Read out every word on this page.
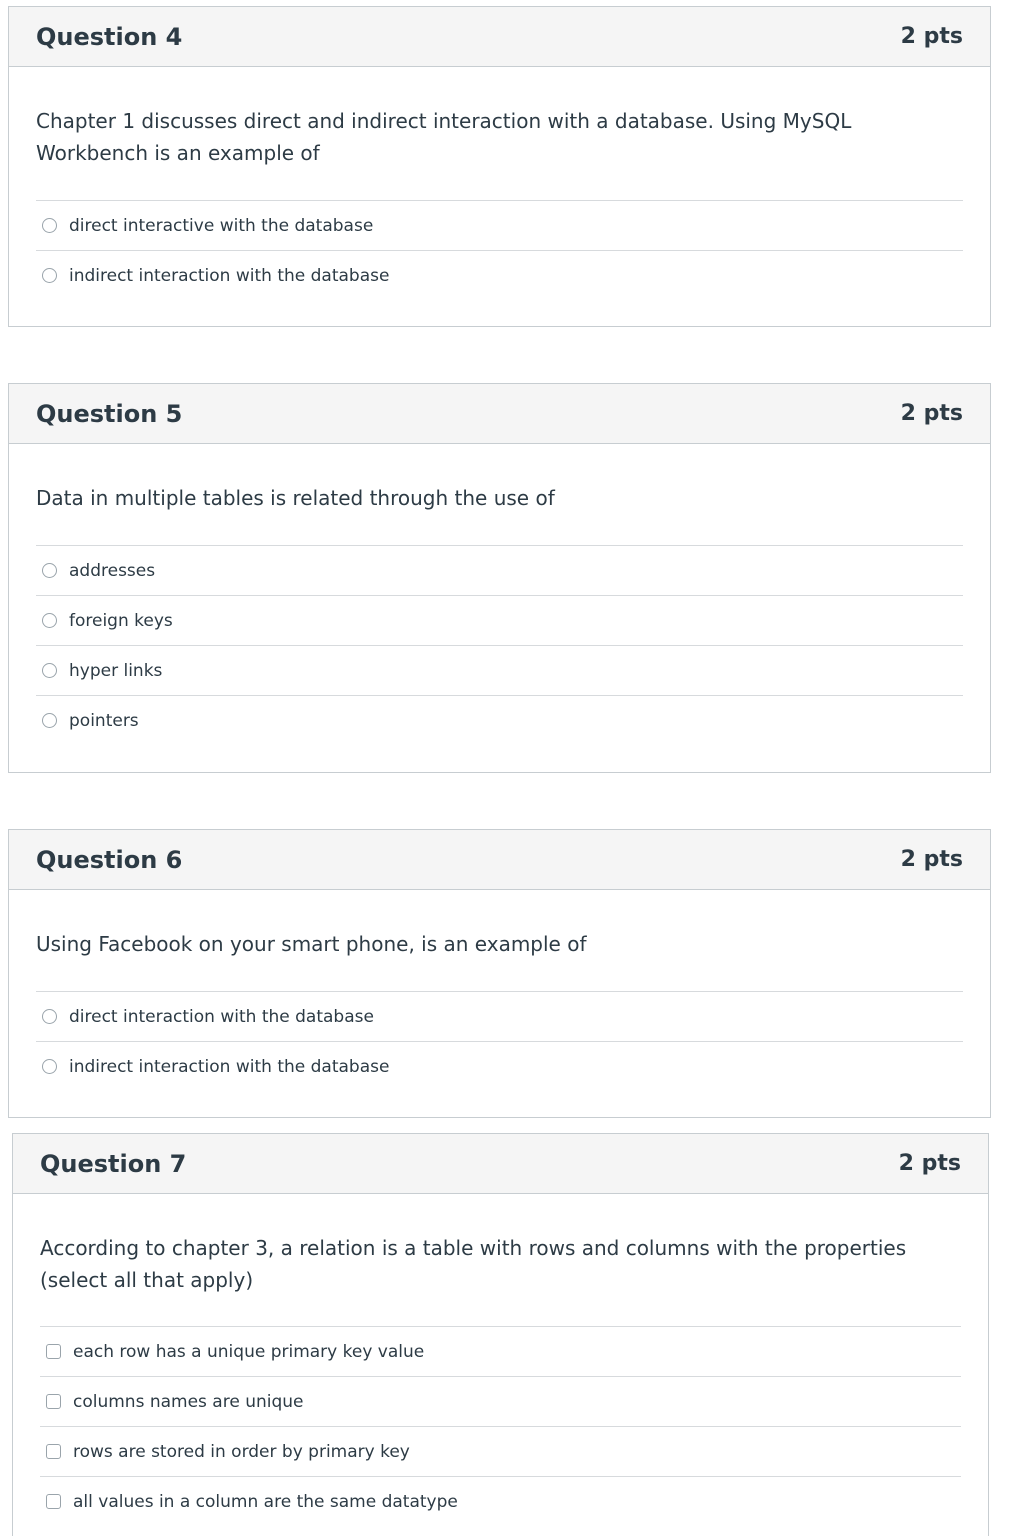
Question 4	2 pts
Chapter 1 discusses direct and indirect interaction with a database. Using MySQL Workbench is an example of
direct interactive with the database
indirect interaction with the database
Question 5	2 pts
Data in multiple tables is related through the use of
addresses
foreign keys
hyper links
pointers
Question 6	2 pts
Using Facebook on your smart phone, is an example of
direct interaction with the database
indirect interaction with the database
Question 7	2 pts
According to chapter 3, a relation is a table with rows and columns with the properties (select all that apply)
each row has a unique primary key value
columns names are unique
rows are stored in order by primary key
all values in a column are the same datatype
